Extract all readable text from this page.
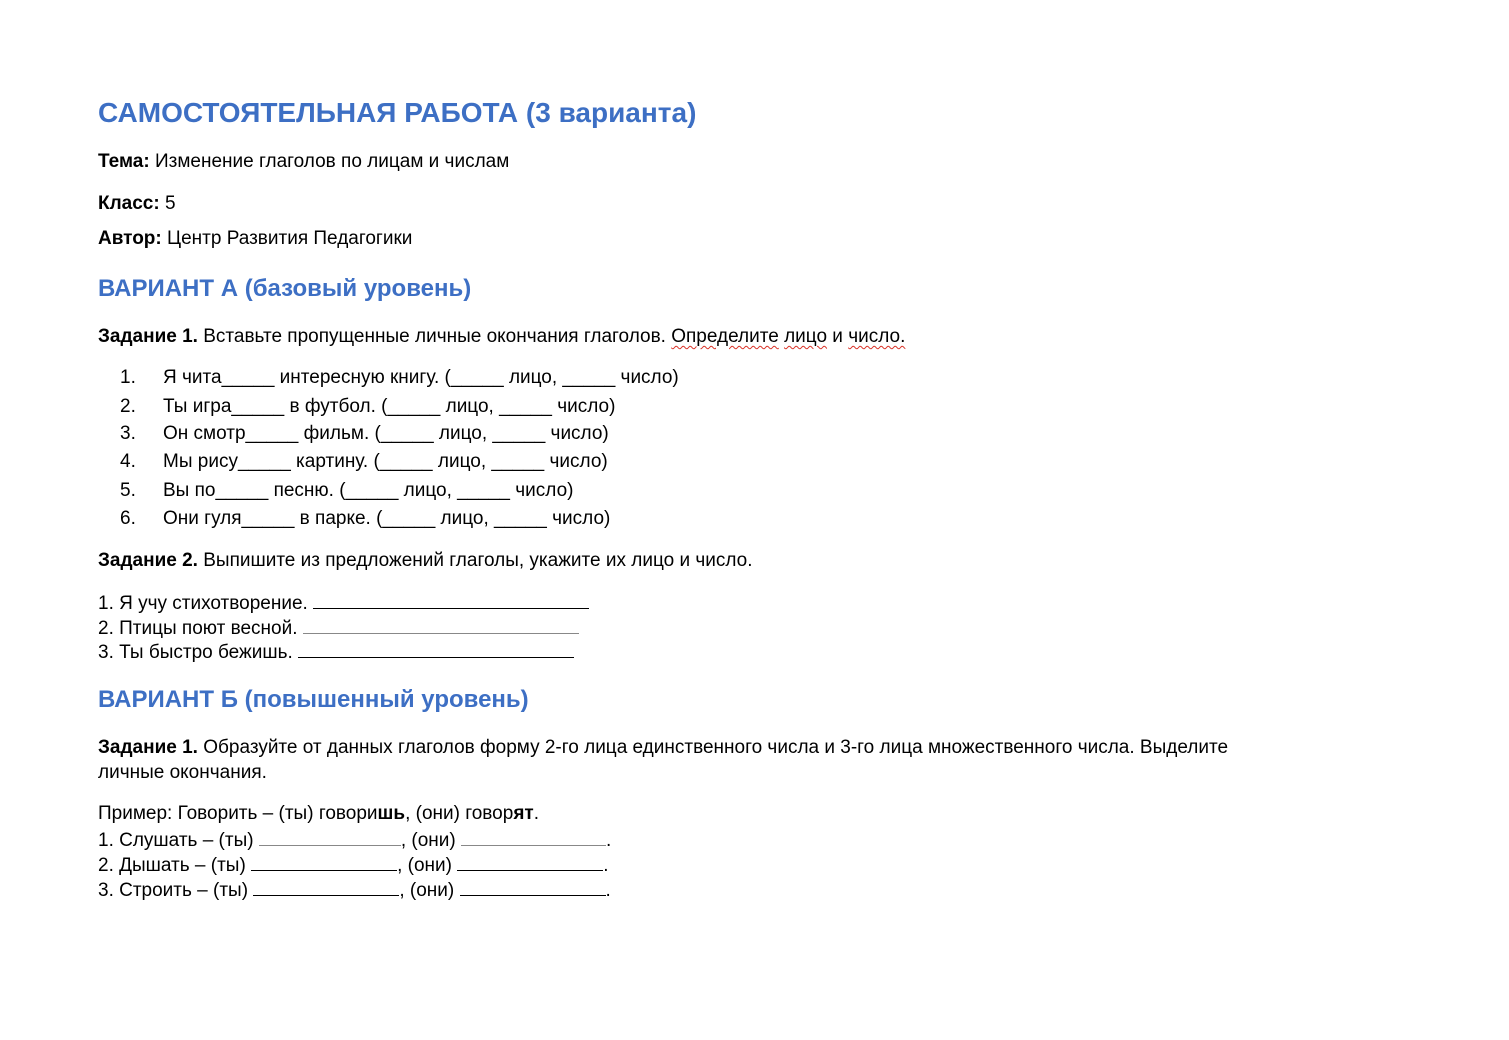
САМОСТОЯТЕЛЬНАЯ РАБОТА (3 варианта)
Тема: Изменение глаголов по лицам и числам
Класс: 5
Автор: Центр Развития Педагогики
ВАРИАНТ А (базовый уровень)
Задание 1. Вставьте пропущенные личные окончания глаголов. Определите лицо и число.
1. Я чита_____ интересную книгу. (_____ лицо, _____ число)
2. Ты игра_____ в футбол. (_____ лицо, _____ число)
3. Он смотр_____ фильм. (_____ лицо, _____ число)
4. Мы рису_____ картину. (_____ лицо, _____ число)
5. Вы по_____ песню. (_____ лицо, _____ число)
6. Они гуля_____ в парке. (_____ лицо, _____ число)
Задание 2. Выпишите из предложений глаголы, укажите их лицо и число.
1. Я учу стихотворение.
2. Птицы поют весной.
3. Ты быстро бежишь.
ВАРИАНТ Б (повышенный уровень)
Задание 1. Образуйте от данных глаголов форму 2-го лица единственного числа и 3-го лица множественного числа. Выделите
личные окончания.
Пример: Говорить – (ты) говоришь, (они) говорят.
1. Слушать – (ты)	, (они)	.
2. Дышать – (ты)	, (они)	.
3. Строить – (ты)	, (они)	.
